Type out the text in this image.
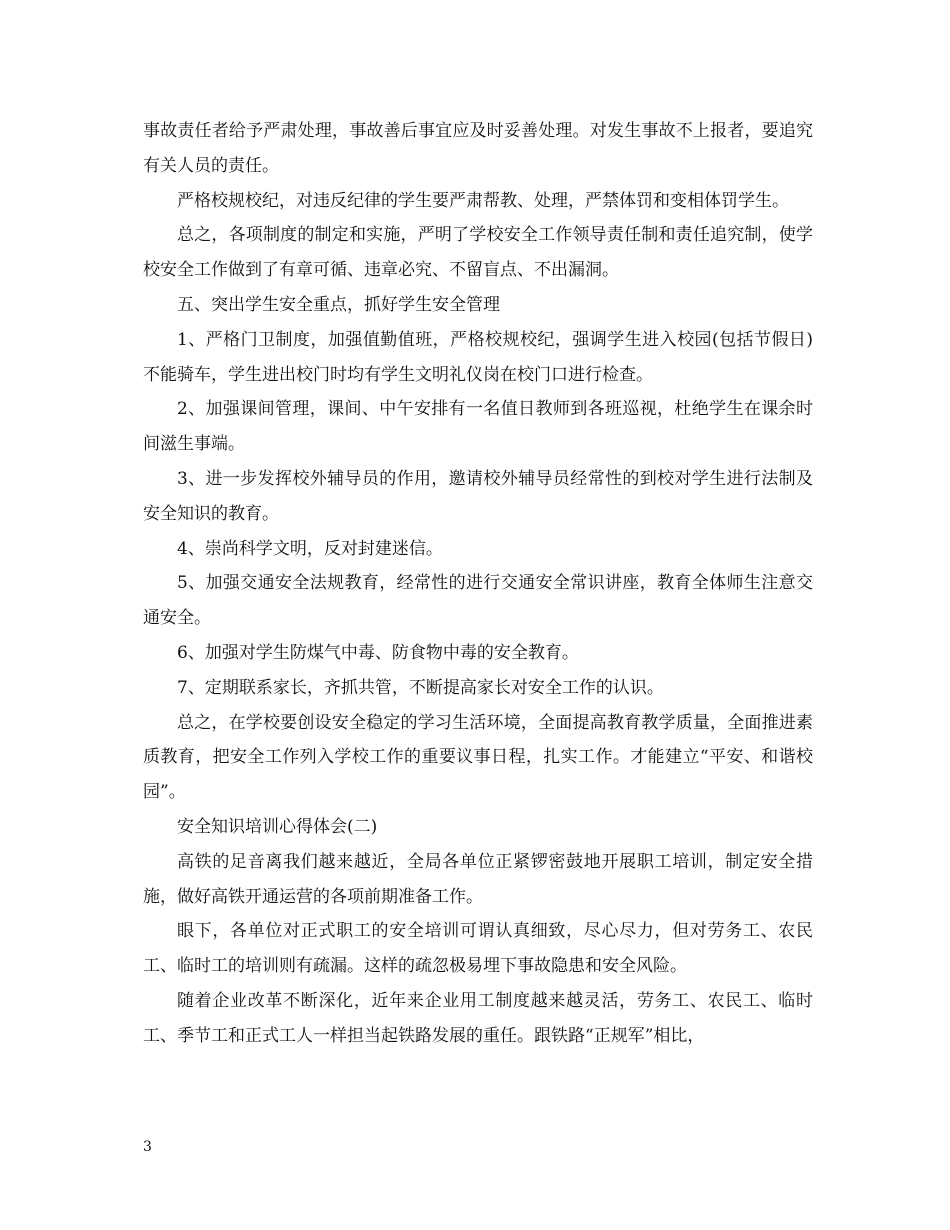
事故责任者给予严肃处理，事故善后事宜应及时妥善处理。对发生事故不上报者，要追究有关人员的责任。

严格校规校纪，对违反纪律的学生要严肃帮教、处理，严禁体罚和变相体罚学生。

总之，各项制度的制定和实施，严明了学校安全工作领导责任制和责任追究制，使学校安全工作做到了有章可循、违章必究、不留盲点、不出漏洞。

五、突出学生安全重点，抓好学生安全管理

1、严格门卫制度，加强值勤值班，严格校规校纪，强调学生进入校园(包括节假日)不能骑车，学生进出校门时均有学生文明礼仪岗在校门口进行检查。

2、加强课间管理，课间、中午安排有一名值日教师到各班巡视，杜绝学生在课余时间滋生事端。

3、进一步发挥校外辅导员的作用，邀请校外辅导员经常性的到校对学生进行法制及安全知识的教育。

4、崇尚科学文明，反对封建迷信。

5、加强交通安全法规教育，经常性的进行交通安全常识讲座，教育全体师生注意交通安全。

6、加强对学生防煤气中毒、防食物中毒的安全教育。

7、定期联系家长，齐抓共管，不断提高家长对安全工作的认识。

总之，在学校要创设安全稳定的学习生活环境，全面提高教育教学质量，全面推进素质教育，把安全工作列入学校工作的重要议事日程，扎实工作。才能建立“平安、和谐校园”。

安全知识培训心得体会(二)

高铁的足音离我们越来越近，全局各单位正紧锣密鼓地开展职工培训，制定安全措施，做好高铁开通运营的各项前期准备工作。

眼下，各单位对正式职工的安全培训可谓认真细致，尽心尽力，但对劳务工、农民工、临时工的培训则有疏漏。这样的疏忽极易埋下事故隐患和安全风险。

随着企业改革不断深化，近年来企业用工制度越来越灵活，劳务工、农民工、临时工、季节工和正式工人一样担当起铁路发展的重任。跟铁路“正规军”相比，

3
